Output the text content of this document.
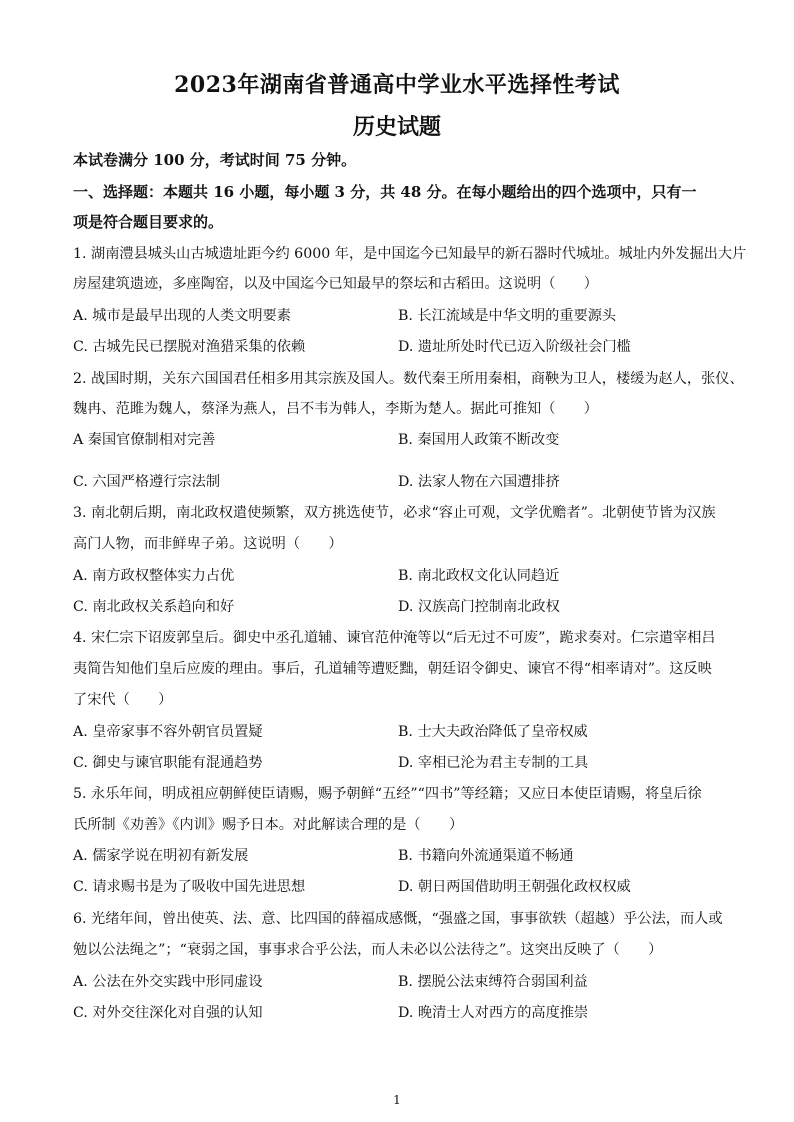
2023年湖南省普通高中学业水平选择性考试
历史试题
本试卷满分 100 分，考试时间 75 分钟。
一、选择题：本题共 16 小题，每小题 3 分，共 48 分。在每小题给出的四个选项中，只有一
项是符合题目要求的。
1. 湖南澧县城头山古城遗址距今约 6000 年，是中国迄今已知最早的新石器时代城址。城址内外发掘出大片
房屋建筑遗迹，多座陶窑，以及中国迄今已知最早的祭坛和古稻田。这说明（　　）
A. 城市是最早出现的人类文明要素	B. 长江流域是中华文明的重要源头
C. 古城先民已摆脱对渔猎采集的依赖	D. 遗址所处时代已迈入阶级社会门槛
2. 战国时期，关东六国国君任相多用其宗族及国人。数代秦王所用秦相，商鞅为卫人，楼缓为赵人，张仪、
魏冉、范雎为魏人，蔡泽为燕人，吕不韦为韩人，李斯为楚人。据此可推知（　　）
A 秦国官僚制相对完善	B. 秦国用人政策不断改变
C. 六国严格遵行宗法制	D. 法家人物在六国遭排挤
3. 南北朝后期，南北政权遣使频繁，双方挑选使节，必求“容止可观，文学优赡者”。北朝使节皆为汉族
高门人物，而非鲜卑子弟。这说明（　　）
A. 南方政权整体实力占优	B. 南北政权文化认同趋近
C. 南北政权关系趋向和好	D. 汉族高门控制南北政权
4. 宋仁宗下诏废郭皇后。御史中丞孔道辅、谏官范仲淹等以“后无过不可废”，跪求奏对。仁宗遣宰相吕
夷简告知他们皇后应废的理由。事后，孔道辅等遭贬黜，朝廷诏令御史、谏官不得“相率请对”。这反映
了宋代（　　）
A. 皇帝家事不容外朝官员置疑	B. 士大夫政治降低了皇帝权威
C. 御史与谏官职能有混通趋势	D. 宰相已沦为君主专制的工具
5. 永乐年间，明成祖应朝鲜使臣请赐，赐予朝鲜“五经”“四书”等经籍；又应日本使臣请赐，将皇后徐
氏所制《劝善》《内训》赐予日本。对此解读合理的是（　　）
A. 儒家学说在明初有新发展	B. 书籍向外流通渠道不畅通
C. 请求赐书是为了吸收中国先进思想	D. 朝日两国借助明王朝强化政权权威
6. 光绪年间，曾出使英、法、意、比四国的薛福成感慨，“强盛之国，事事欲轶（超越）乎公法，而人或
勉以公法绳之”；“衰弱之国，事事求合乎公法，而人未必以公法待之”。这突出反映了（　　）
A. 公法在外交实践中形同虚设	B. 摆脱公法束缚符合弱国利益
C. 对外交往深化对自强的认知	D. 晚清士人对西方的高度推崇
1
